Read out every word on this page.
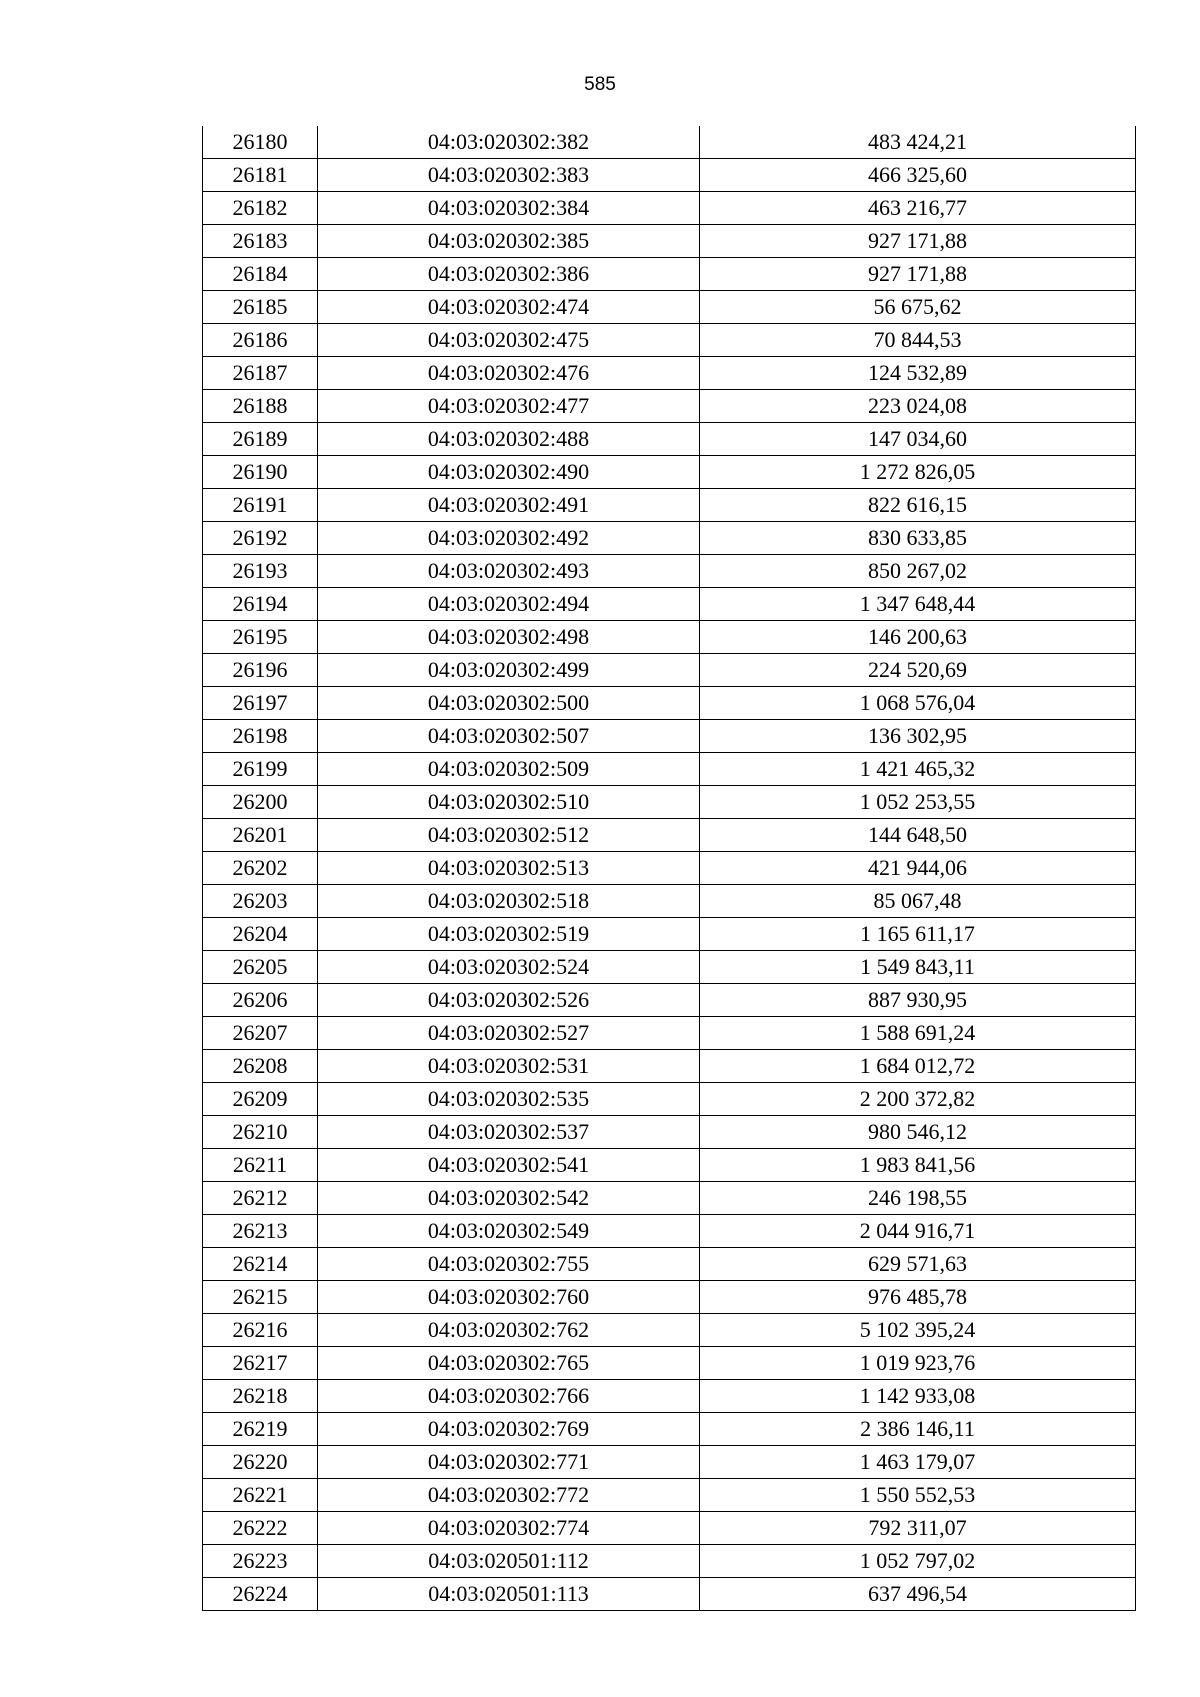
585
26180	04:03:020302:382	483 424,21
26181	04:03:020302:383	466 325,60
26182	04:03:020302:384	463 216,77
26183	04:03:020302:385	927 171,88
26184	04:03:020302:386	927 171,88
26185	04:03:020302:474	56 675,62
26186	04:03:020302:475	70 844,53
26187	04:03:020302:476	124 532,89
26188	04:03:020302:477	223 024,08
26189	04:03:020302:488	147 034,60
26190	04:03:020302:490	1 272 826,05
26191	04:03:020302:491	822 616,15
26192	04:03:020302:492	830 633,85
26193	04:03:020302:493	850 267,02
26194	04:03:020302:494	1 347 648,44
26195	04:03:020302:498	146 200,63
26196	04:03:020302:499	224 520,69
26197	04:03:020302:500	1 068 576,04
26198	04:03:020302:507	136 302,95
26199	04:03:020302:509	1 421 465,32
26200	04:03:020302:510	1 052 253,55
26201	04:03:020302:512	144 648,50
26202	04:03:020302:513	421 944,06
26203	04:03:020302:518	85 067,48
26204	04:03:020302:519	1 165 611,17
26205	04:03:020302:524	1 549 843,11
26206	04:03:020302:526	887 930,95
26207	04:03:020302:527	1 588 691,24
26208	04:03:020302:531	1 684 012,72
26209	04:03:020302:535	2 200 372,82
26210	04:03:020302:537	980 546,12
26211	04:03:020302:541	1 983 841,56
26212	04:03:020302:542	246 198,55
26213	04:03:020302:549	2 044 916,71
26214	04:03:020302:755	629 571,63
26215	04:03:020302:760	976 485,78
26216	04:03:020302:762	5 102 395,24
26217	04:03:020302:765	1 019 923,76
26218	04:03:020302:766	1 142 933,08
26219	04:03:020302:769	2 386 146,11
26220	04:03:020302:771	1 463 179,07
26221	04:03:020302:772	1 550 552,53
26222	04:03:020302:774	792 311,07
26223	04:03:020501:112	1 052 797,02
26224	04:03:020501:113	637 496,54
